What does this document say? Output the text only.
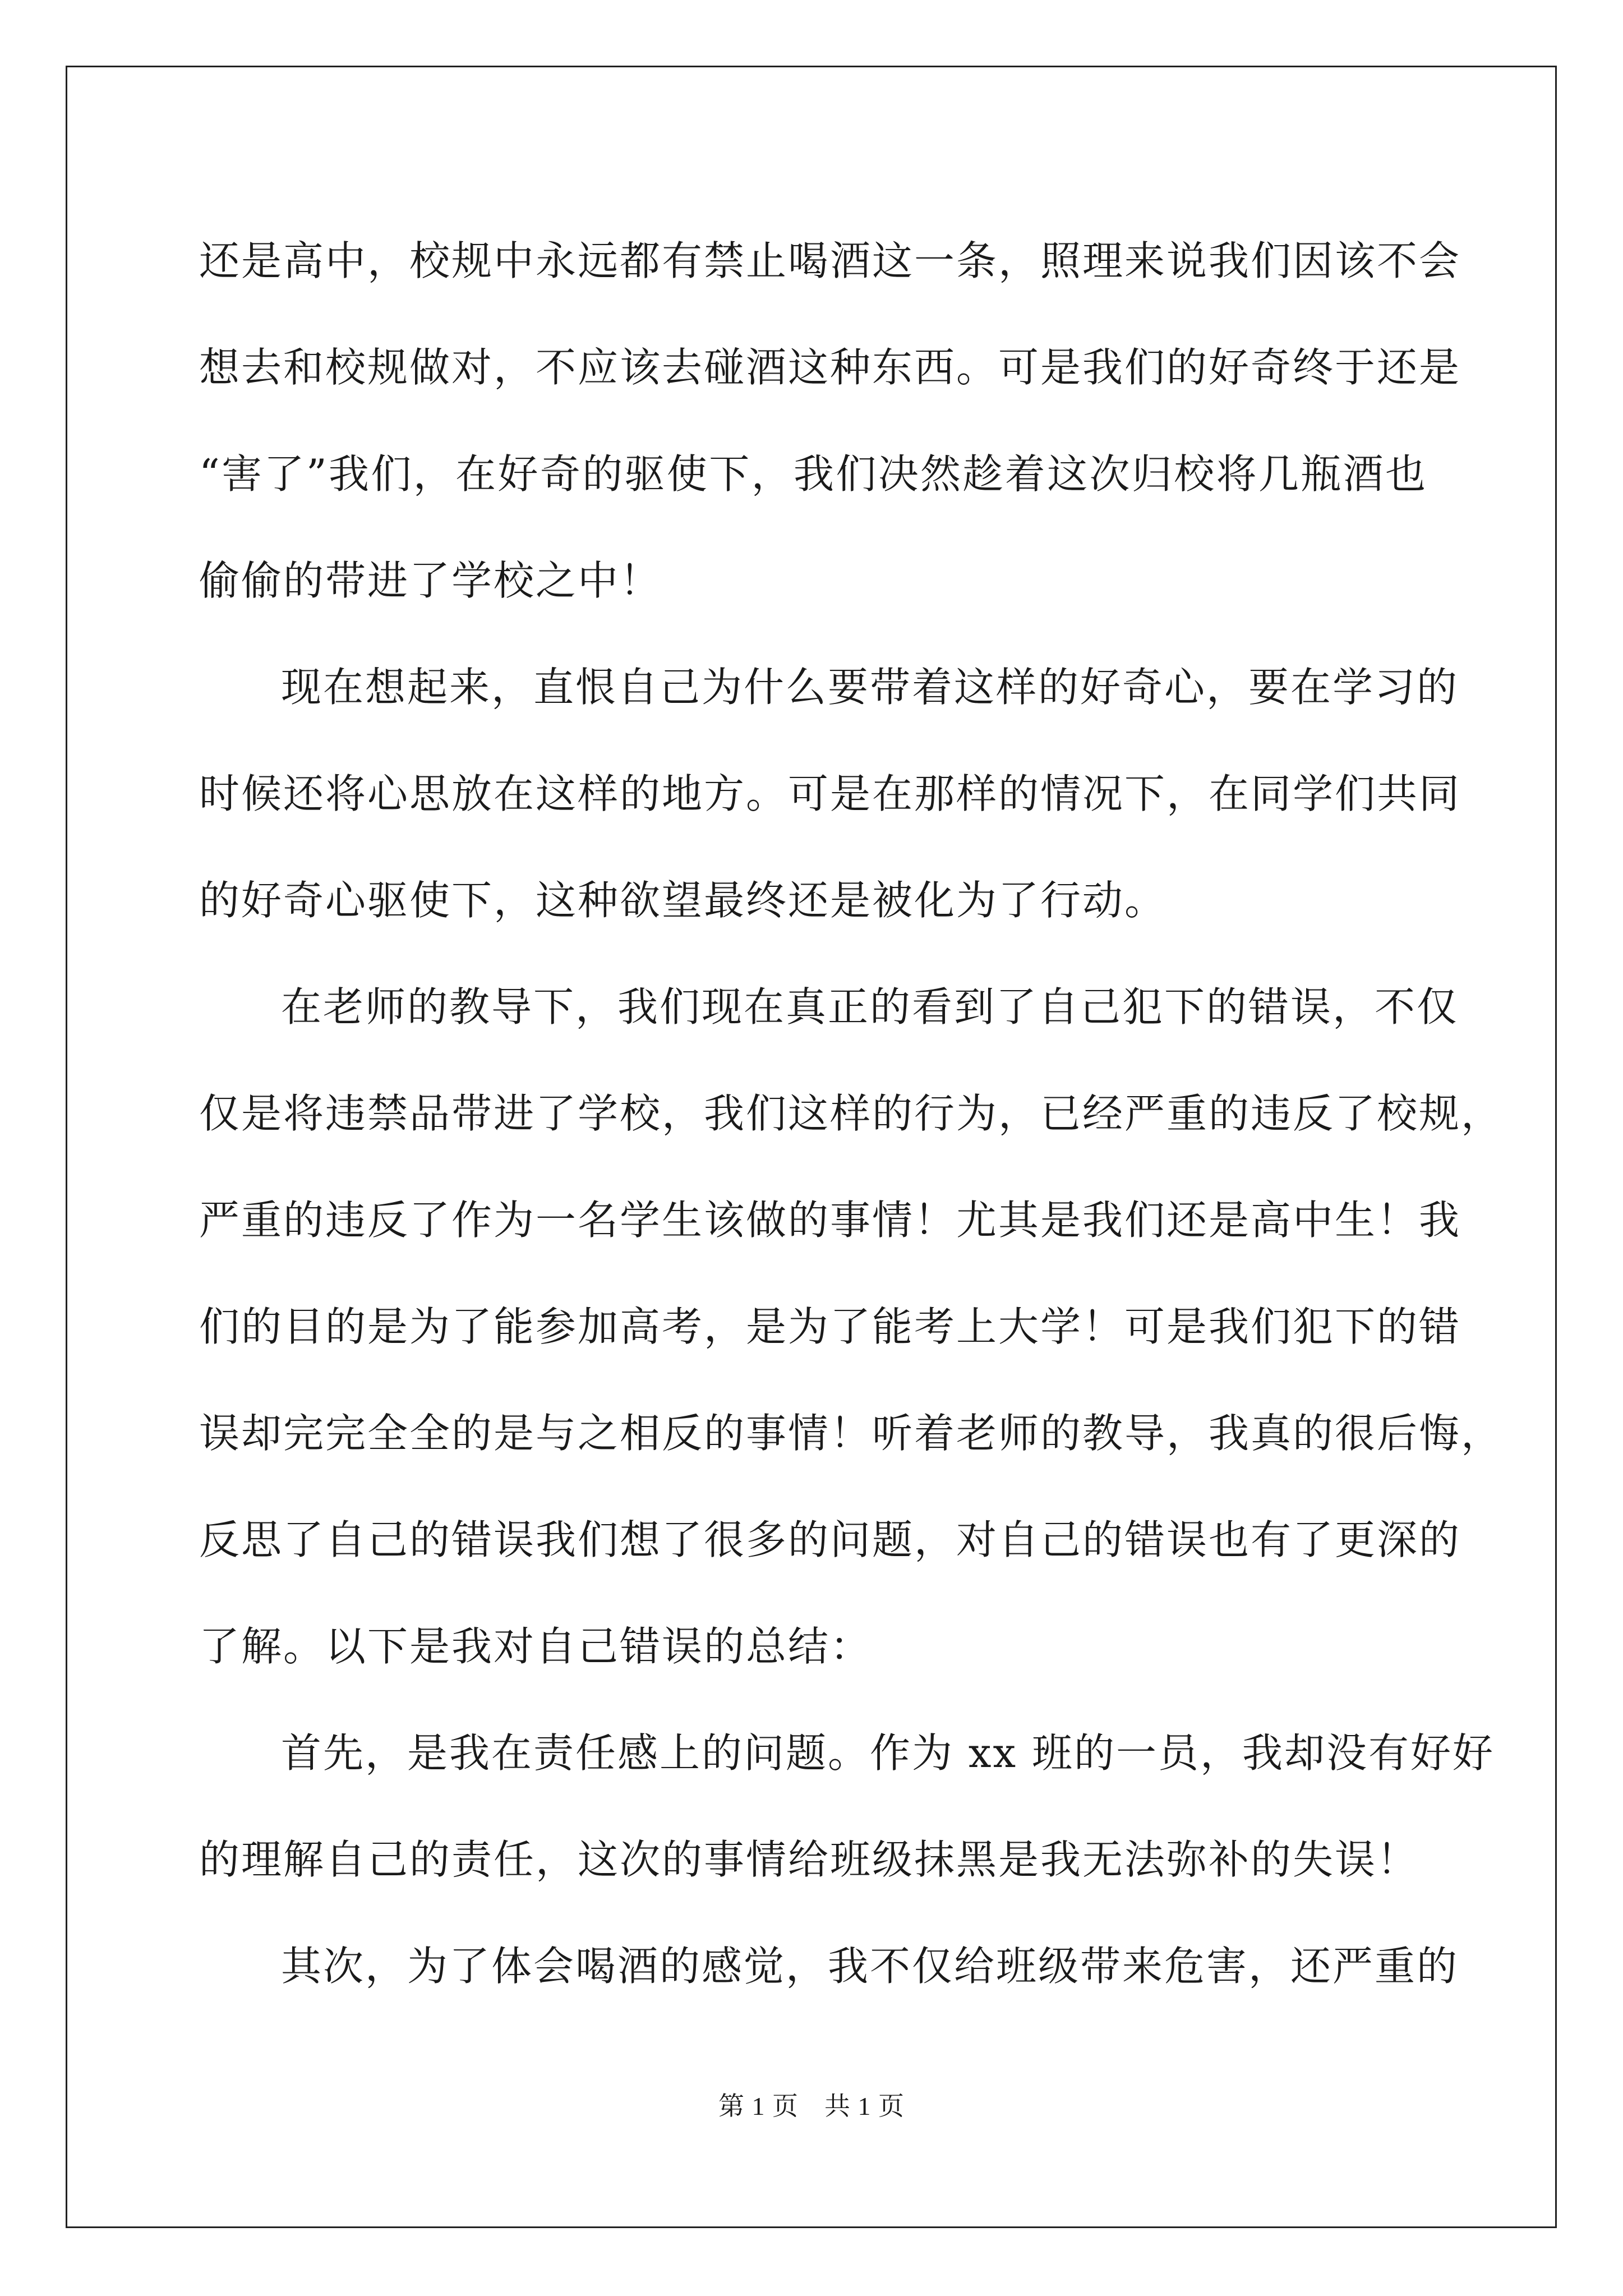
还是高中，校规中永远都有禁止喝酒这一条，照理来说我们因该不会
想去和校规做对，不应该去碰酒这种东西。可是我们的好奇终于还是
“害了”我们，在好奇的驱使下，我们决然趁着这次归校将几瓶酒也
偷偷的带进了学校之中！
现在想起来，直恨自己为什么要带着这样的好奇心，要在学习的
时候还将心思放在这样的地方。可是在那样的情况下，在同学们共同
的好奇心驱使下，这种欲望最终还是被化为了行动。
在老师的教导下，我们现在真正的看到了自己犯下的错误，不仅
仅是将违禁品带进了学校，我们这样的行为，已经严重的违反了校规，
严重的违反了作为一名学生该做的事情！尤其是我们还是高中生！我
们的目的是为了能参加高考，是为了能考上大学！可是我们犯下的错
误却完完全全的是与之相反的事情！听着老师的教导，我真的很后悔，
反思了自己的错误我们想了很多的问题，对自己的错误也有了更深的
了解。以下是我对自己错误的总结：
首先，是我在责任感上的问题。作为 xx 班的一员，我却没有好好
的理解自己的责任，这次的事情给班级抹黑是我无法弥补的失误！
其次，为了体会喝酒的感觉，我不仅给班级带来危害，还严重的
第 1 页 共 1 页
